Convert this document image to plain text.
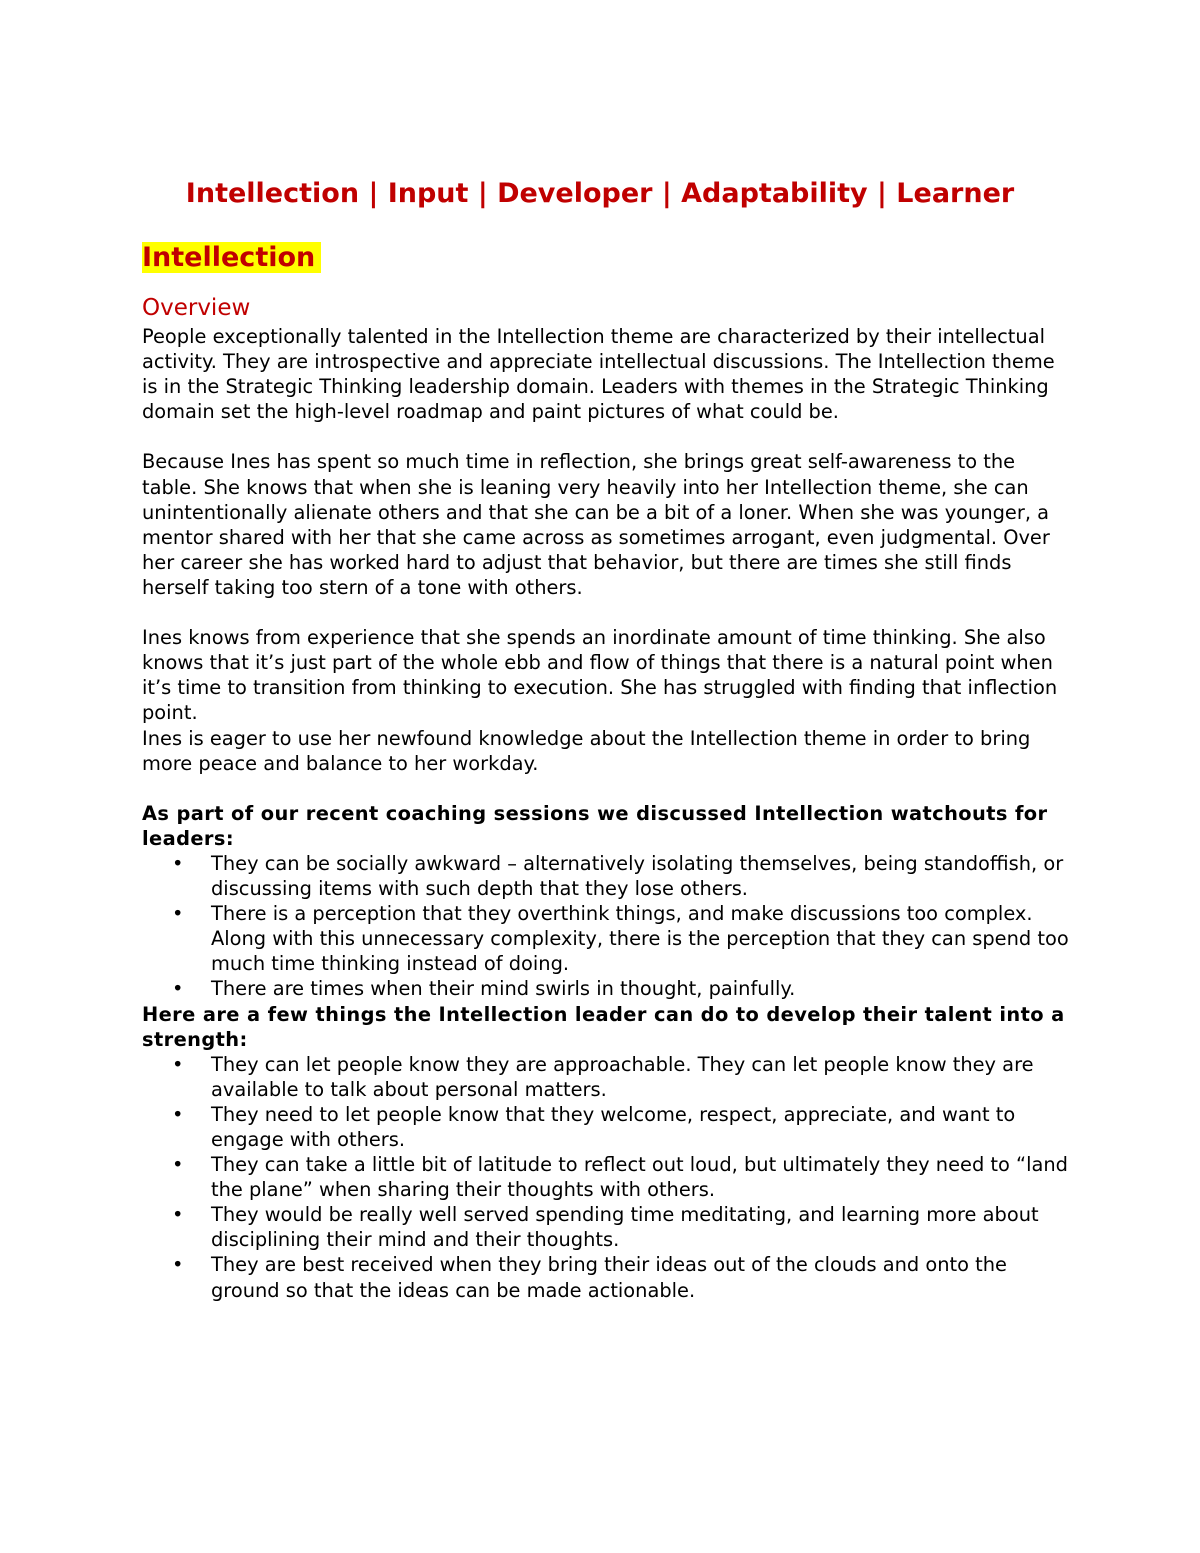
Intellection | Input | Developer | Adaptability | Learner
Intellection
Overview

People exceptionally talented in the Intellection theme are characterized by their intellectual activity. They are introspective and appreciate intellectual discussions. The Intellection theme is in the Strategic Thinking leadership domain. Leaders with themes in the Strategic Thinking domain set the high-level roadmap and paint pictures of what could be.

Because Ines has spent so much time in reflection, she brings great self-awareness to the table. She knows that when she is leaning very heavily into her Intellection theme, she can unintentionally alienate others and that she can be a bit of a loner. When she was younger, a mentor shared with her that she came across as sometimes arrogant, even judgmental. Over her career she has worked hard to adjust that behavior, but there are times she still finds herself taking too stern of a tone with others.

Ines knows from experience that she spends an inordinate amount of time thinking. She also knows that it’s just part of the whole ebb and flow of things that there is a natural point when it’s time to transition from thinking to execution. She has struggled with finding that inflection point.

Ines is eager to use her newfound knowledge about the Intellection theme in order to bring more peace and balance to her workday.

As part of our recent coaching sessions we discussed Intellection watchouts for leaders:

•	They can be socially awkward – alternatively isolating themselves, being standoffish, or discussing items with such depth that they lose others.
•	There is a perception that they overthink things, and make discussions too complex. Along with this unnecessary complexity, there is the perception that they can spend too much time thinking instead of doing.
•	There are times when their mind swirls in thought, painfully.

Here are a few things the Intellection leader can do to develop their talent into a strength:

•	They can let people know they are approachable. They can let people know they are available to talk about personal matters.
•	They need to let people know that they welcome, respect, appreciate, and want to engage with others.
•	They can take a little bit of latitude to reflect out loud, but ultimately they need to “land the plane” when sharing their thoughts with others.
•	They would be really well served spending time meditating, and learning more about disciplining their mind and their thoughts.
•	They are best received when they bring their ideas out of the clouds and onto the ground so that the ideas can be made actionable.
